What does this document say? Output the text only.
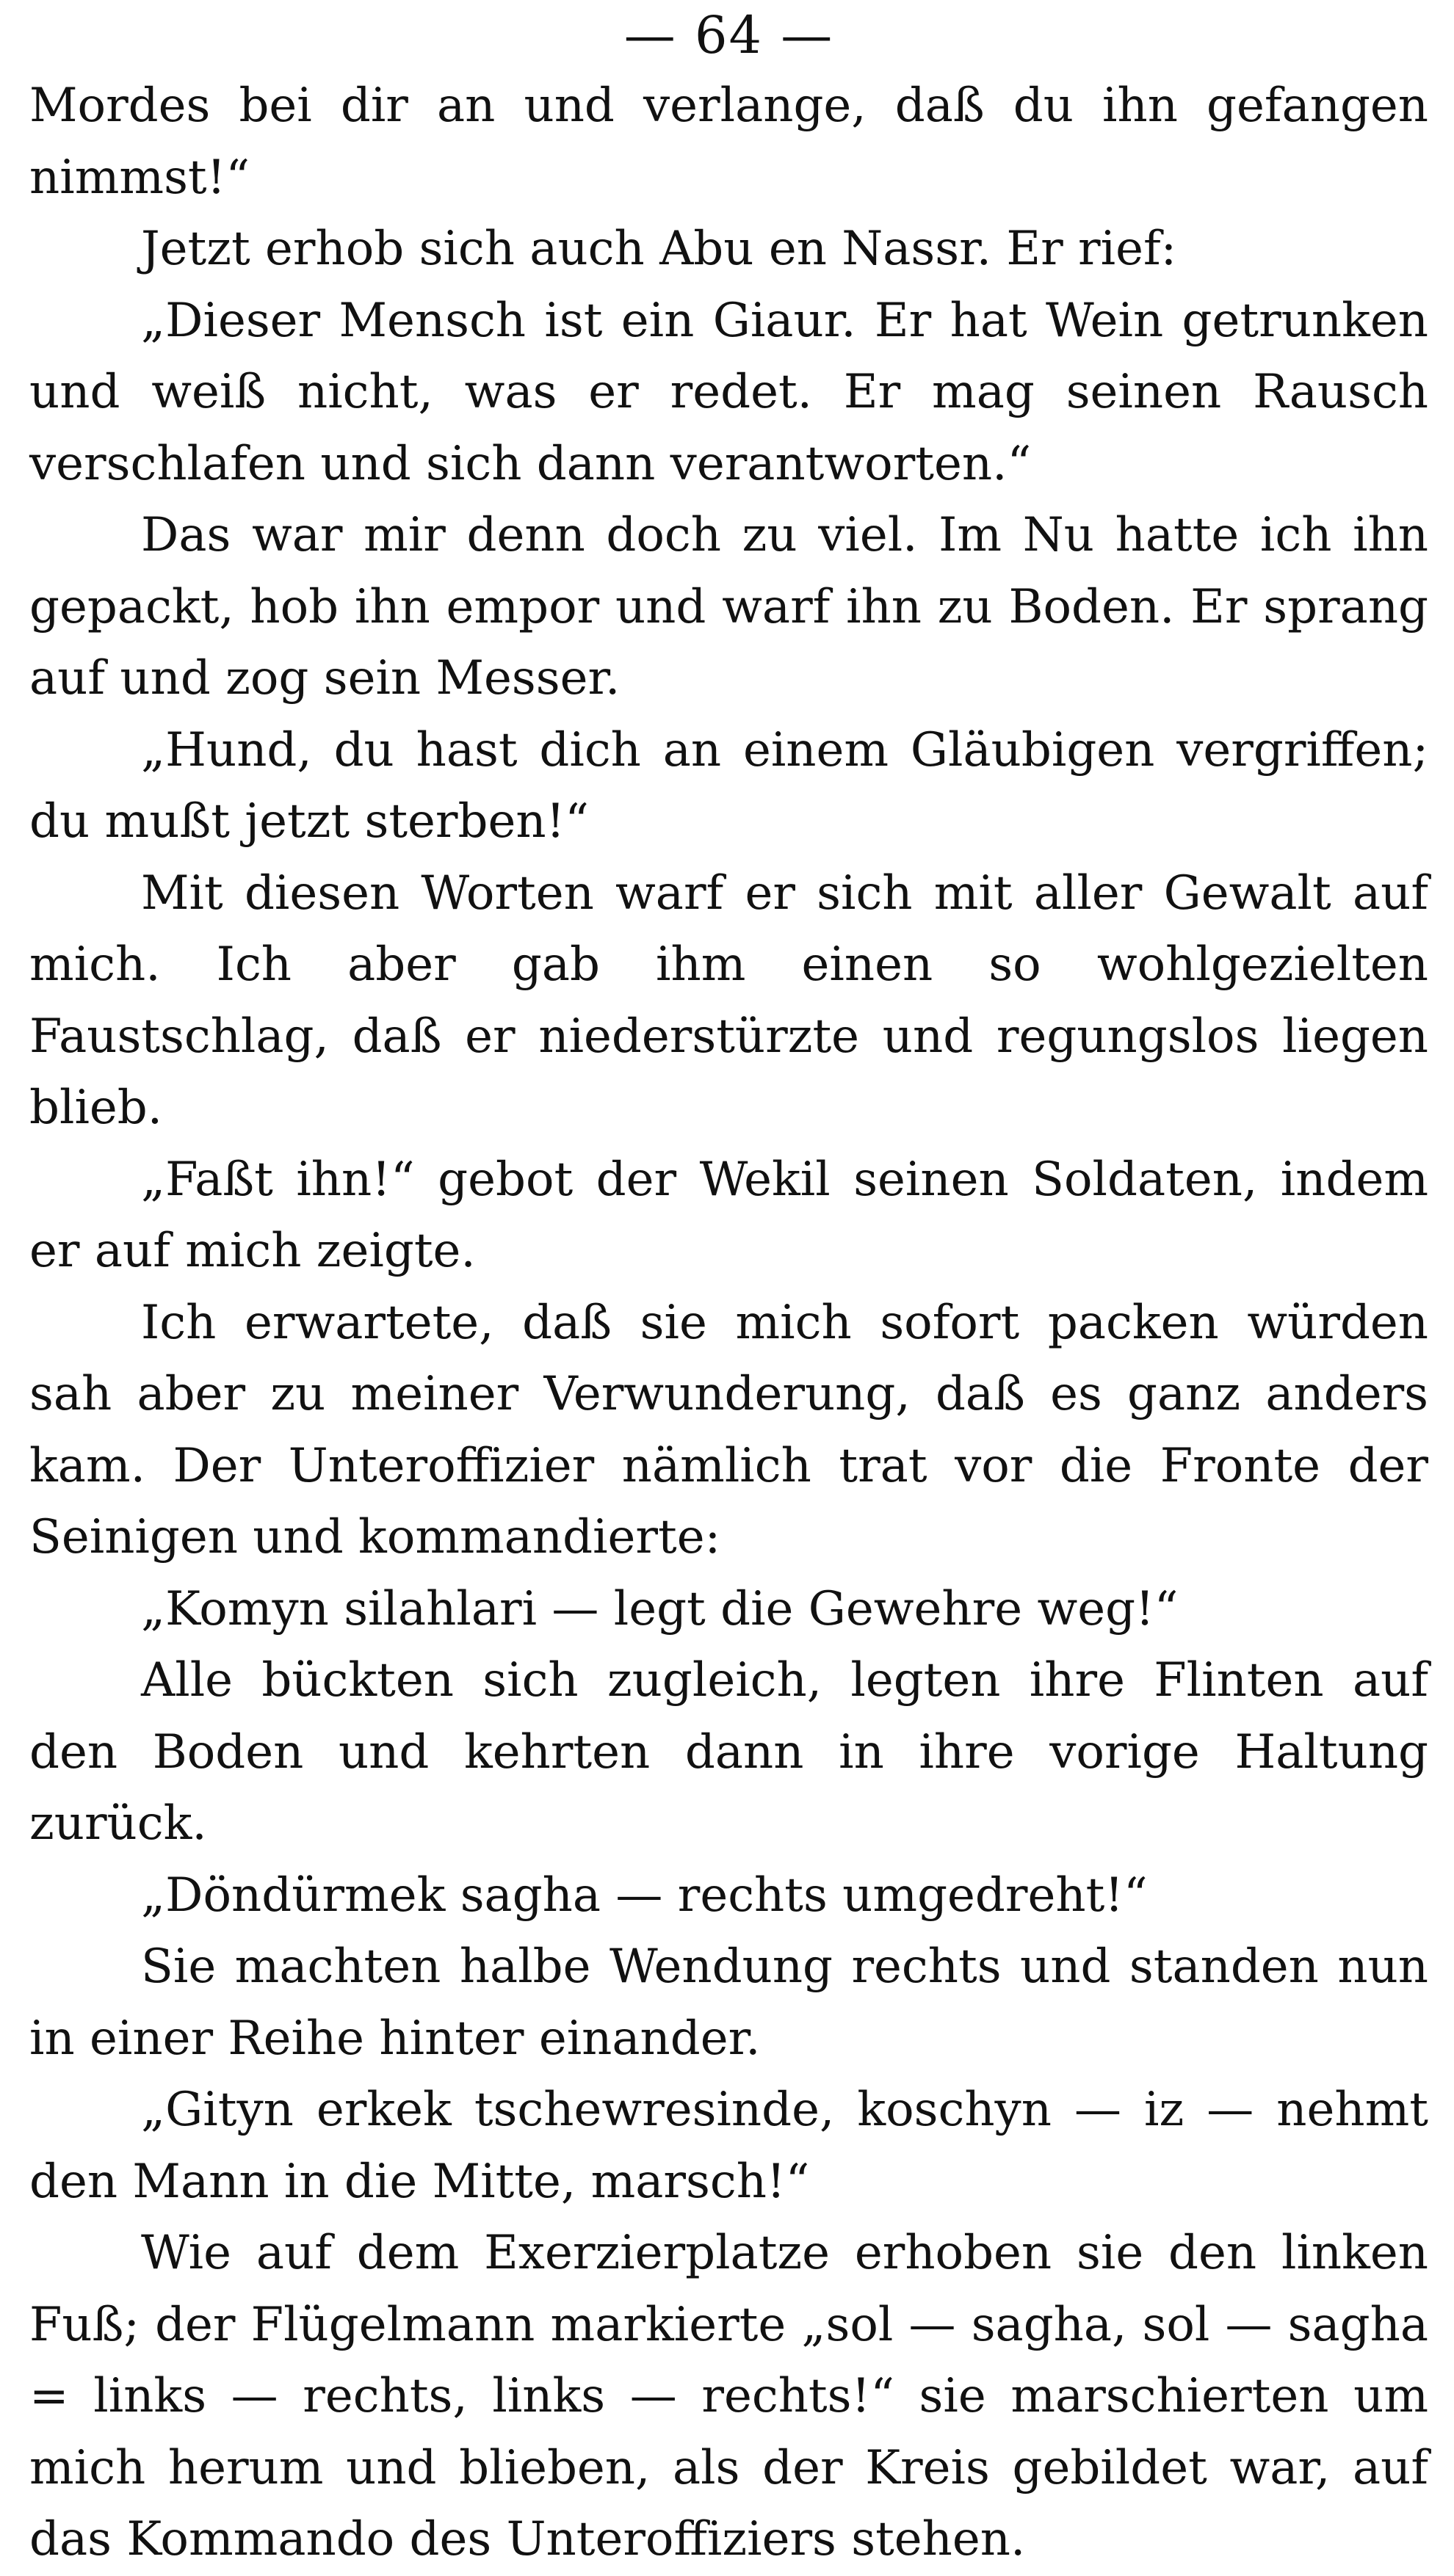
— 64 —

Mordes bei dir an und verlange, daß du ihn gefangen nimmst!“

Jetzt erhob sich auch Abu en Nassr. Er rief:

„Dieser Mensch ist ein Giaur. Er hat Wein getrunken und weiß nicht, was er redet. Er mag seinen Rausch verschlafen und sich dann verantworten.“

Das war mir denn doch zu viel. Im Nu hatte ich ihn gepackt, hob ihn empor und warf ihn zu Boden. Er sprang auf und zog sein Messer.

„Hund, du hast dich an einem Gläubigen vergriffen; du mußt jetzt sterben!“

Mit diesen Worten warf er sich mit aller Gewalt auf mich. Ich aber gab ihm einen so wohlgezielten Faustschlag, daß er niederstürzte und regungslos liegen blieb.

„Faßt ihn!“ gebot der Wekil seinen Soldaten, indem er auf mich zeigte.

Ich erwartete, daß sie mich sofort packen würden sah aber zu meiner Verwunderung, daß es ganz anders kam. Der Unteroffizier nämlich trat vor die Fronte der Seinigen und kommandierte:

„Komyn silahlari — legt die Gewehre weg!“

Alle bückten sich zugleich, legten ihre Flinten auf den Boden und kehrten dann in ihre vorige Haltung zurück.

„Döndürmek sagha — rechts umgedreht!“

Sie machten halbe Wendung rechts und standen nun in einer Reihe hinter einander.

„Gityn erkek tschewresinde, koschyn — iz — nehmt den Mann in die Mitte, marsch!“

Wie auf dem Exerzierplatze erhoben sie den linken Fuß; der Flügelmann markierte „sol — sagha, sol — sagha = links — rechts, links — rechts!“ sie marschierten um mich herum und blieben, als der Kreis gebildet war, auf das Kommando des Unteroffiziers stehen.
